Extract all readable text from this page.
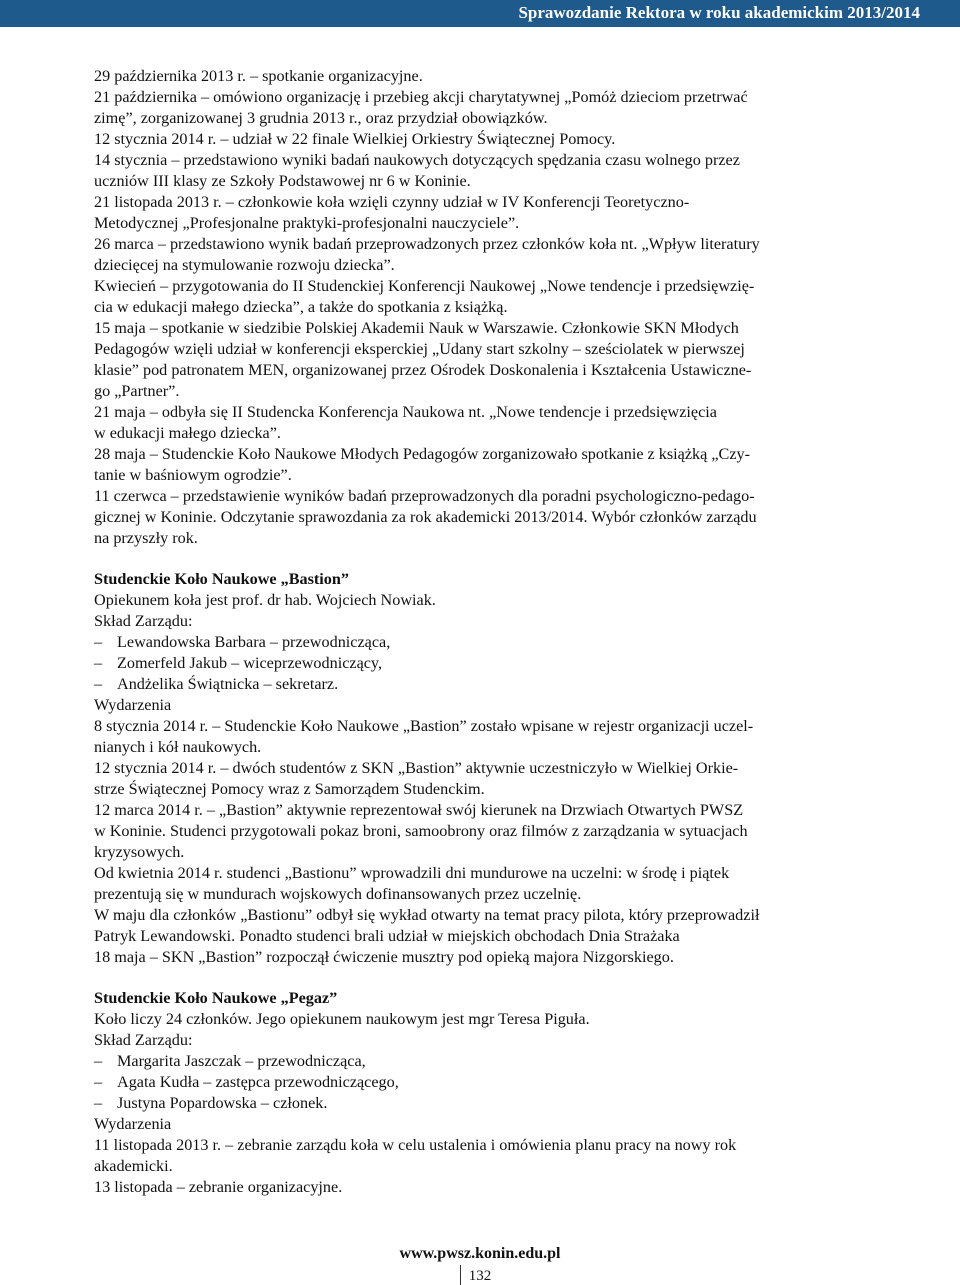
Sprawozdanie Rektora w roku akademickim 2013/2014
29 października 2013 r. – spotkanie organizacyjne.
21 października – omówiono organizację i przebieg akcji charytatywnej „Pomóż dzieciom przetrwać
zimę”, zorganizowanej 3 grudnia 2013 r., oraz przydział obowiązków.
12 stycznia 2014 r. – udział w 22 finale Wielkiej Orkiestry Świątecznej Pomocy.
14 stycznia – przedstawiono wyniki badań naukowych dotyczących spędzania czasu wolnego przez
uczniów III klasy ze Szkoły Podstawowej nr 6 w Koninie.
21 listopada 2013 r. – członkowie koła wzięli czynny udział w IV Konferencji Teoretyczno-
Metodycznej „Profesjonalne praktyki-profesjonalni nauczyciele”.
26 marca – przedstawiono wynik badań przeprowadzonych przez członków koła nt. „Wpływ literatury
dziecięcej na stymulowanie rozwoju dziecka”.
Kwiecień – przygotowania do II Studenckiej Konferencji Naukowej „Nowe tendencje i przedsięwzię-
cia w edukacji małego dziecka”, a także do spotkania z książką.
15 maja – spotkanie w siedzibie Polskiej Akademii Nauk w Warszawie. Członkowie SKN Młodych
Pedagogów wzięli udział w konferencji eksperckiej „Udany start szkolny – sześciolatek w pierwszej
klasie” pod patronatem MEN, organizowanej przez Ośrodek Doskonalenia i Kształcenia Ustawiczne-
go „Partner”.
21 maja – odbyła się II Studencka Konferencja Naukowa nt. „Nowe tendencje i przedsięwzięcia
w edukacji małego dziecka”.
28 maja – Studenckie Koło Naukowe Młodych Pedagogów zorganizowało spotkanie z książką „Czy-
tanie w baśniowym ogrodzie”.
11 czerwca – przedstawienie wyników badań przeprowadzonych dla poradni psychologiczno-pedago-
gicznej w Koninie. Odczytanie sprawozdania za rok akademicki 2013/2014. Wybór członków zarządu
na przyszły rok.
Studenckie Koło Naukowe „Bastion”
Opiekunem koła jest prof. dr hab. Wojciech Nowiak.
Skład Zarządu:
– Lewandowska Barbara – przewodnicząca,
– Zomerfeld Jakub – wiceprzewodniczący,
– Andżelika Świątnicka – sekretarz.
Wydarzenia
8 stycznia 2014 r. – Studenckie Koło Naukowe „Bastion” zostało wpisane w rejestr organizacji uczel-
nianych i kół naukowych.
12 stycznia 2014 r. – dwóch studentów z SKN „Bastion” aktywnie uczestniczyło w Wielkiej Orkie-
strze Świątecznej Pomocy wraz z Samorządem Studenckim.
12 marca 2014 r. – „Bastion” aktywnie reprezentował swój kierunek na Drzwiach Otwartych PWSZ
w Koninie. Studenci przygotowali pokaz broni, samoobrony oraz filmów z zarządzania w sytuacjach
kryzysowych.
Od kwietnia 2014 r. studenci „Bastionu” wprowadzili dni mundurowe na uczelni: w środę i piątek
prezentują się w mundurach wojskowych dofinansowanych przez uczelnię.
W maju dla członków „Bastionu” odbył się wykład otwarty na temat pracy pilota, który przeprowadził
Patryk Lewandowski. Ponadto studenci brali udział w miejskich obchodach Dnia Strażaka
18 maja – SKN „Bastion” rozpoczął ćwiczenie musztry pod opieką majora Nizgorskiego.
Studenckie Koło Naukowe „Pegaz”
Koło liczy 24 członków. Jego opiekunem naukowym jest mgr Teresa Piguła.
Skład Zarządu:
– Margarita Jaszczak – przewodnicząca,
– Agata Kudła – zastępca przewodniczącego,
– Justyna Popardowska – członek.
Wydarzenia
11 listopada 2013 r. – zebranie zarządu koła w celu ustalenia i omówienia planu pracy na nowy rok
akademicki.
13 listopada – zebranie organizacyjne.
www.pwsz.konin.edu.pl
132
